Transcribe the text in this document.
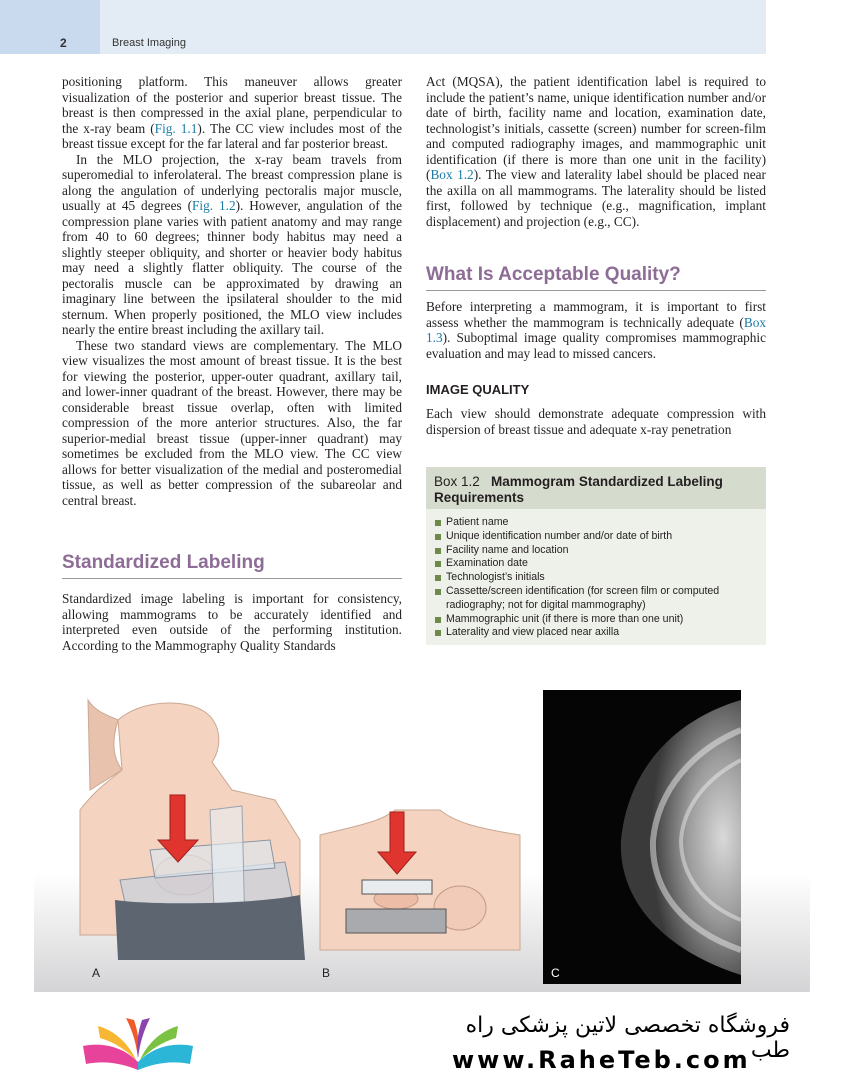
2	Breast Imaging

positioning platform. This maneuver allows greater visualization of the posterior and superior breast tissue. The breast is then compressed in the axial plane, perpendicular to the x-ray beam (Fig. 1.1). The CC view includes most of the breast tissue except for the far lateral and far posterior breast.

In the MLO projection, the x-ray beam travels from superomedial to inferolateral. The breast compression plane is along the angulation of underlying pectoralis major muscle, usually at 45 degrees (Fig. 1.2). However, angulation of the compression plane varies with patient anatomy and may range from 40 to 60 degrees; thinner body habitus may need a slightly steeper obliquity, and shorter or heavier body habitus may need a slightly flatter obliquity. The course of the pectoralis muscle can be approximated by drawing an imaginary line between the ipsilateral shoulder to the mid sternum. When properly positioned, the MLO view includes nearly the entire breast including the axillary tail.

These two standard views are complementary. The MLO view visualizes the most amount of breast tissue. It is the best for viewing the posterior, upper-outer quadrant, axillary tail, and lower-inner quadrant of the breast. However, there may be considerable breast tissue overlap, often with limited compression of the more anterior structures. Also, the far superior-medial breast tissue (upper-inner quadrant) may sometimes be excluded from the MLO view. The CC view allows for better visualization of the medial and posteromedial tissue, as well as better compression of the subareolar and central breast.

Standardized Labeling

Standardized image labeling is important for consistency, allowing mammograms to be accurately identified and interpreted even outside of the performing institution. According to the Mammography Quality Standards

Act (MQSA), the patient identification label is required to include the patient’s name, unique identification number and/or date of birth, facility name and location, examination date, technologist’s initials, cassette (screen) number for screen-film and computed radiography images, and mammographic unit identification (if there is more than one unit in the facility) (Box 1.2). The view and laterality label should be placed near the axilla on all mammograms. The laterality should be listed first, followed by technique (e.g., magnification, implant displacement) and projection (e.g., CC).

What Is Acceptable Quality?

Before interpreting a mammogram, it is important to first assess whether the mammogram is technically adequate (Box 1.3). Suboptimal image quality compromises mammographic evaluation and may lead to missed cancers.

IMAGE QUALITY

Each view should demonstrate adequate compression with dispersion of breast tissue and adequate x-ray penetration

Box 1.2 Mammogram Standardized Labeling Requirements
Patient name
Unique identification number and/or date of birth
Facility name and location
Examination date
Technologist’s initials
Cassette/screen identification (for screen film or computed radiography; not for digital mammography)
Mammographic unit (if there is more than one unit)
Laterality and view placed near axilla
A	B	C
فروشگاه تخصصی لاتین پزشکی راه طب
www.RaheTeb.com
